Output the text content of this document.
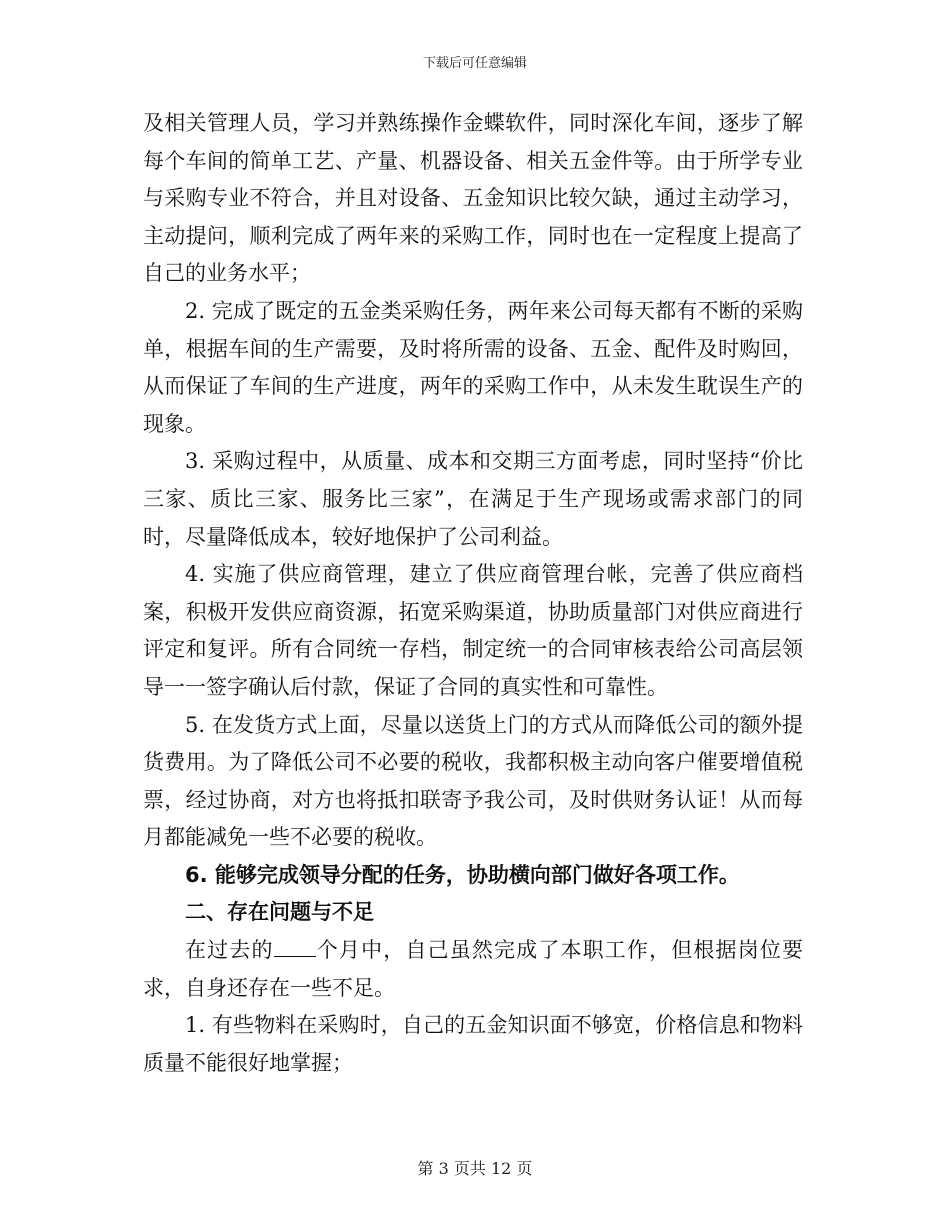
下载后可任意编辑

及相关管理人员，学习并熟练操作金蝶软件，同时深化车间，逐步了解每个车间的简单工艺、产量、机器设备、相关五金件等。由于所学专业与采购专业不符合，并且对设备、五金知识比较欠缺，通过主动学习，主动提问，顺利完成了两年来的采购工作，同时也在一定程度上提高了自己的业务水平；

2. 完成了既定的五金类采购任务，两年来公司每天都有不断的采购单，根据车间的生产需要，及时将所需的设备、五金、配件及时购回，从而保证了车间的生产进度，两年的采购工作中，从未发生耽误生产的现象。

3. 采购过程中，从质量、成本和交期三方面考虑，同时坚持“价比三家、质比三家、服务比三家”，在满足于生产现场或需求部门的同时，尽量降低成本，较好地保护了公司利益。

4. 实施了供应商管理，建立了供应商管理台帐，完善了供应商档案，积极开发供应商资源，拓宽采购渠道，协助质量部门对供应商进行评定和复评。所有合同统一存档，制定统一的合同审核表给公司高层领导一一签字确认后付款，保证了合同的真实性和可靠性。

5. 在发货方式上面，尽量以送货上门的方式从而降低公司的额外提货费用。为了降低公司不必要的税收，我都积极主动向客户催要增值税票，经过协商，对方也将抵扣联寄予我公司，及时供财务认证！从而每月都能减免一些不必要的税收。

6. 能够完成领导分配的任务，协助横向部门做好各项工作。

二、存在问题与不足

在过去的 个月中，自己虽然完成了本职工作，但根据岗位要求，自身还存在一些不足。

1. 有些物料在采购时，自己的五金知识面不够宽，价格信息和物料质量不能很好地掌握；

第 3 页共 12 页
